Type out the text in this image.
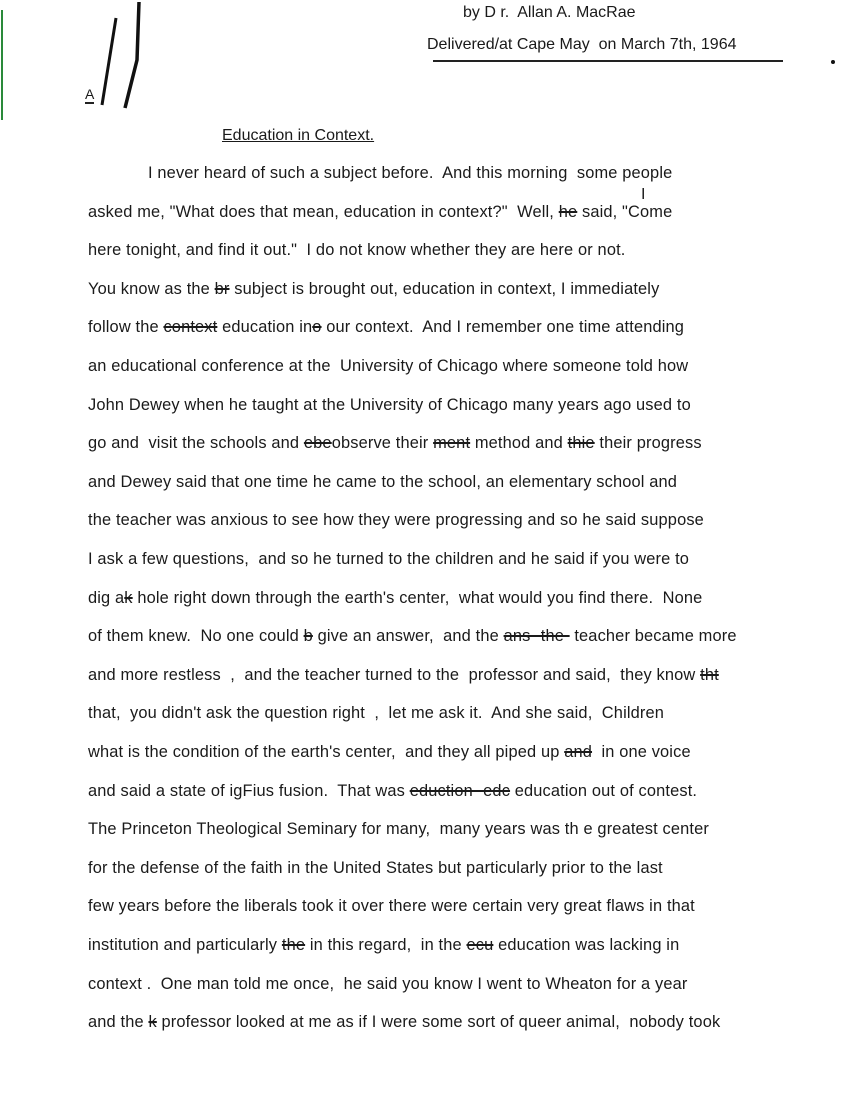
by D r.  Allan A. MacRae
Delivered/at Cape May  on March 7th, 1964
A
Education in Context.
I
I never heard of such a subject before.  And this morning  some people
asked me, "What does that mean, education in context?"  Well, he said, "Come
here tonight, and find it out."  I do not know whether they are here or not.
You know as the br subject is brought out, education in context, I immediately
follow the context education ino our context.  And I remember one time attending
an educational conference at the  University of Chicago where someone told how
John Dewey when he taught at the University of Chicago many years ago used to
go and  visit the schools and ebeobserve their ment method and thie their progress
and Dewey said that one time he came to the school, an elementary school and
the teacher was anxious to see how they were progressing and so he said suppose
I ask a few questions,  and so he turned to the children and he said if you were to
dig ak hole right down through the earth's center,  what would you find there.  None
of them knew.  No one could b give an answer,  and the ans -the- teacher became more
and more restless  ,  and the teacher turned to the  professor and said,  they know tht
that,  you didn't ask the question right  ,  let me ask it.  And she said,  Children
what is the condition of the earth's center,  and they all piped up and  in one voice
and said a state of igFius fusion.  That was eduction -edc education out of contest.
The Princeton Theological Seminary for many,  many years was th e greatest center
for the defense of the faith in the United States but particularly prior to the last
few years before the liberals took it over there were certain very great flaws in that
institution and particularly the in this regard,  in the ecu education was lacking in
context .  One man told me once,  he said you know I went to Wheaton for a year
and the k professor looked at me as if I were some sort of queer animal,  nobody took
